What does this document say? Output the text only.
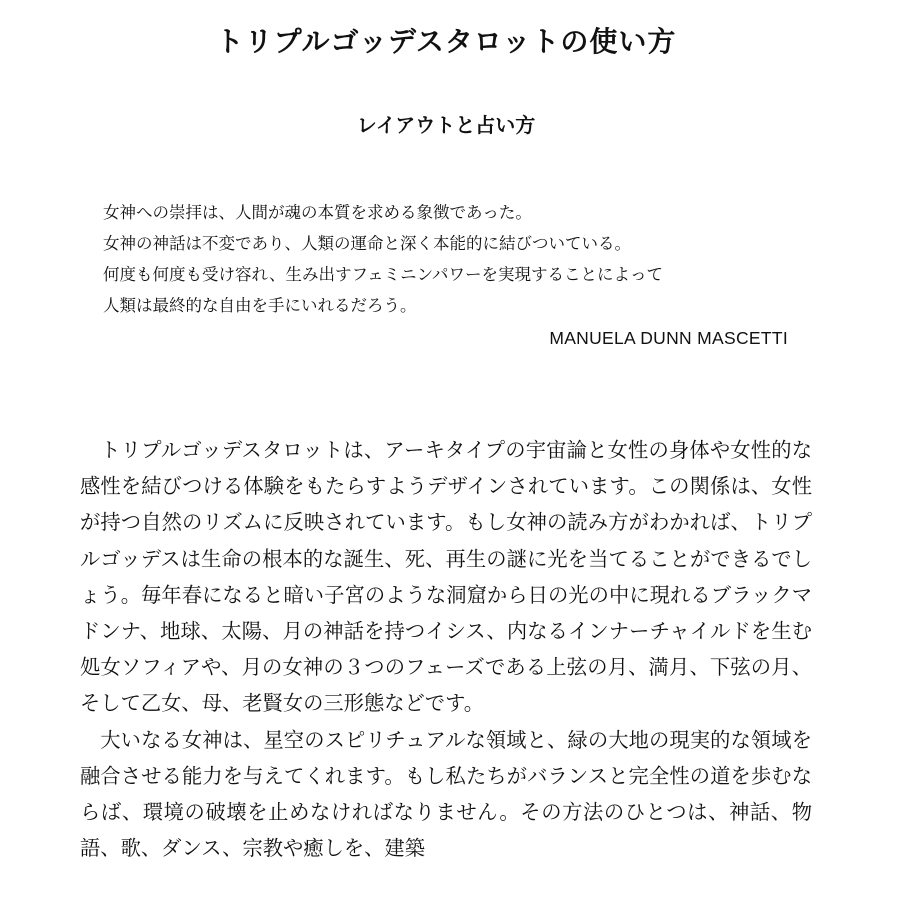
トリプルゴッデスタロットの使い方
レイアウトと占い方
女神への崇拝は、人間が魂の本質を求める象徴であった。
女神の神話は不変であり、人類の運命と深く本能的に結びついている。
何度も何度も受け容れ、生み出すフェミニンパワーを実現することによって
人類は最終的な自由を手にいれるだろう。
MANUELA DUNN MASCETTI

トリプルゴッデスタロットは、アーキタイプの宇宙論と女性の身体や女性的な感性を結びつける体験をもたらすようデザインされています。この関係は、女性が持つ自然のリズムに反映されています。もし女神の読み方がわかれば、トリプルゴッデスは生命の根本的な誕生、死、再生の謎に光を当てることができるでしょう。毎年春になると暗い子宮のような洞窟から日の光の中に現れるブラックマドンナ、地球、太陽、月の神話を持つイシス、内なるインナーチャイルドを生む処女ソフィアや、月の女神の３つのフェーズである上弦の月、満月、下弦の月、そして乙女、母、老賢女の三形態などです。

大いなる女神は、星空のスピリチュアルな領域と、緑の大地の現実的な領域を融合させる能力を与えてくれます。もし私たちがバランスと完全性の道を歩むならば、環境の破壊を止めなければなりません。その方法のひとつは、神話、物語、歌、ダンス、宗教や癒しを、建築
